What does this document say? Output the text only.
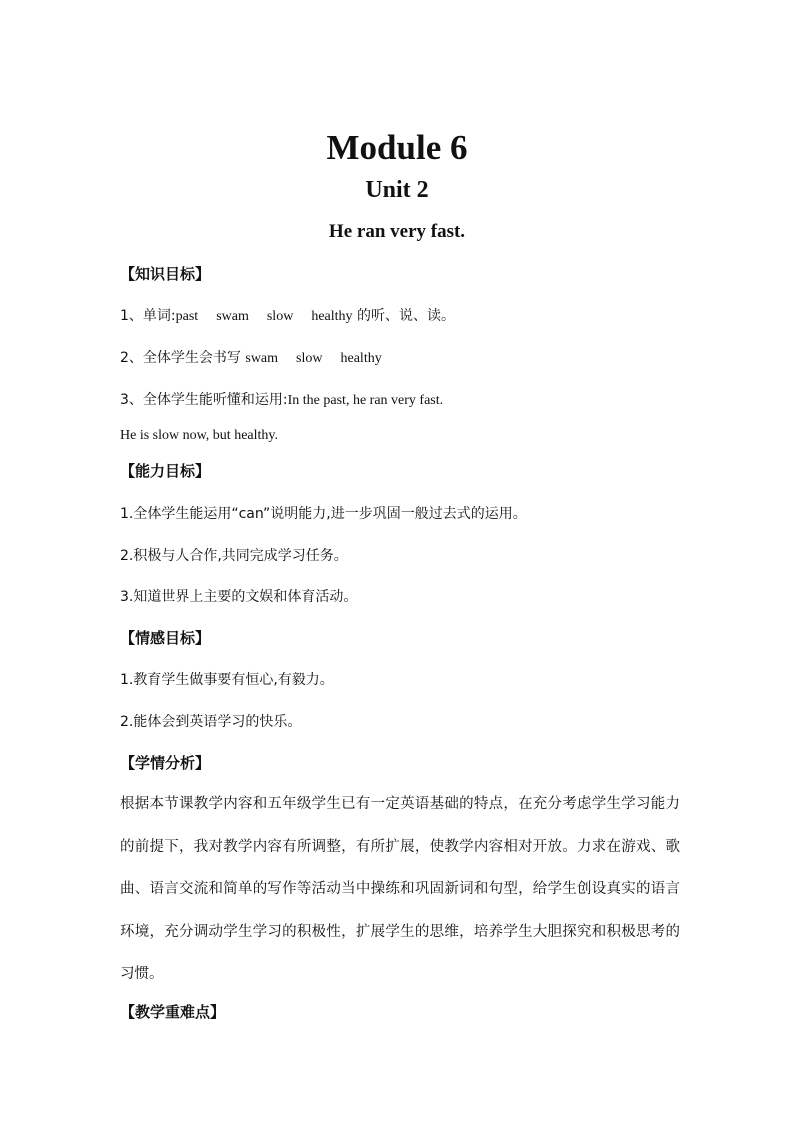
Module 6
Unit 2
He ran very fast.
【知识目标】
1、单词:past swam slow healthy 的听、说、读。
2、全体学生会书写 swam slow healthy
3、全体学生能听懂和运用:In the past, he ran very fast.
He is slow now, but healthy.
【能力目标】
1.全体学生能运用“can”说明能力,进一步巩固一般过去式的运用。
2.积极与人合作,共同完成学习任务。
3.知道世界上主要的文娱和体育活动。
【情感目标】
1.教育学生做事要有恒心,有毅力。
2.能体会到英语学习的快乐。
【学情分析】
根据本节课教学内容和五年级学生已有一定英语基础的特点，在充分考虑学生学习能力的前提下，我对教学内容有所调整，有所扩展，使教学内容相对开放。力求在游戏、歌曲、语言交流和简单的写作等活动当中操练和巩固新词和句型，给学生创设真实的语言环境，充分调动学生学习的积极性，扩展学生的思维，培养学生大胆探究和积极思考的习惯。
【教学重难点】
